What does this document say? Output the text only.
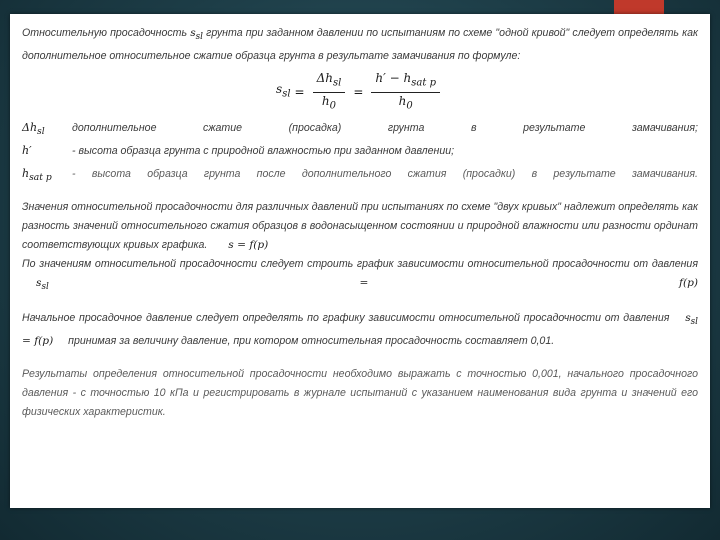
Относительную просадочность $s_{sl}$ грунта при заданном давлении по испытаниям по схеме "одной кривой" следует определять как дополнительное относительное сжатие образца грунта в результате замачивания по формуле:

$s_{sl} = \frac{\Delta h_{sl}}{h_0} = \frac{h' - h_{sat p}}{h_0}$
$\Delta h_{sl}$	дополнительное сжатие (просадка) грунта в результате замачивания;
h′	- высота образца грунта с природной влажностью при заданном давлении;
$h_{sat p}$	- высота образца грунта после дополнительного сжатия (просадки) в результате замачивания.

Значения относительной просадочности для различных давлений при испытаниях по схеме "двух кривых" надлежит определять как разность значений относительного сжатия образцов в водонасыщенном состоянии и природной влажности или разности ординат соответствующих кривых графика. s = f(p)

По значениям относительной просадочности следует строить график зависимости относительной просадочности от давления $s_{sl}$	= f(p)

Начальное просадочное давление следует определять по графику зависимости относительной просадочности от давления $s_{sl} = f(p)$ принимая за величину давление, при котором относительная просадочность составляет 0,01.

Результаты определения относительной просадочности необходимо выражать с точностью 0,001, начального просадочного давления - с точностью 10 кПа и регистрировать в журнале испытаний с указанием наименования вида грунта и значений его физических характеристик.
